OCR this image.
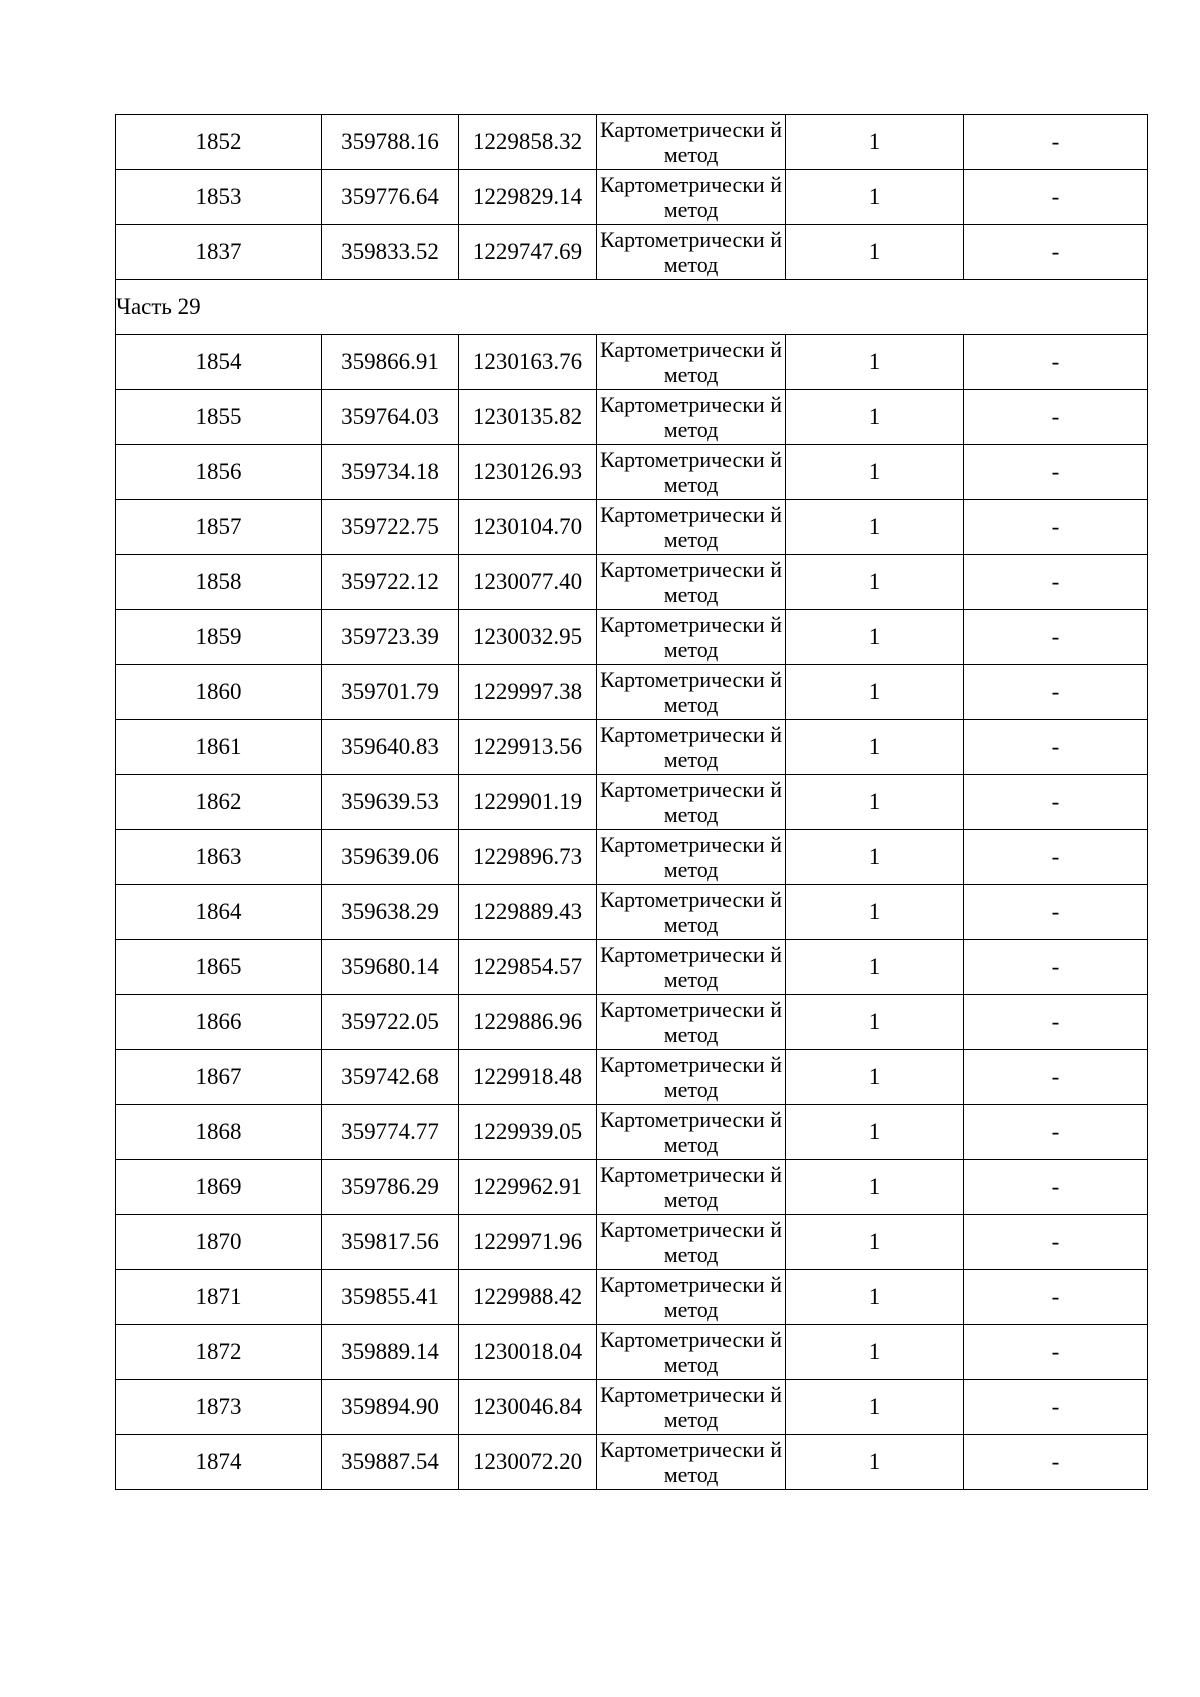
1852	359788.16	1229858.32	Картометрически й метод	1	-
1853	359776.64	1229829.14	Картометрически й метод	1	-
1837	359833.52	1229747.69	Картометрически й метод	1	-
Часть 29					
1854	359866.91	1230163.76	Картометрически й метод	1	-
1855	359764.03	1230135.82	Картометрически й метод	1	-
1856	359734.18	1230126.93	Картометрически й метод	1	-
1857	359722.75	1230104.70	Картометрически й метод	1	-
1858	359722.12	1230077.40	Картометрически й метод	1	-
1859	359723.39	1230032.95	Картометрически й метод	1	-
1860	359701.79	1229997.38	Картометрически й метод	1	-
1861	359640.83	1229913.56	Картометрически й метод	1	-
1862	359639.53	1229901.19	Картометрически й метод	1	-
1863	359639.06	1229896.73	Картометрически й метод	1	-
1864	359638.29	1229889.43	Картометрически й метод	1	-
1865	359680.14	1229854.57	Картометрически й метод	1	-
1866	359722.05	1229886.96	Картометрически й метод	1	-
1867	359742.68	1229918.48	Картометрически й метод	1	-
1868	359774.77	1229939.05	Картометрически й метод	1	-
1869	359786.29	1229962.91	Картометрически й метод	1	-
1870	359817.56	1229971.96	Картометрически й метод	1	-
1871	359855.41	1229988.42	Картометрически й метод	1	-
1872	359889.14	1230018.04	Картометрически й метод	1	-
1873	359894.90	1230046.84	Картометрически й метод	1	-
1874	359887.54	1230072.20	Картометрически й метод	1	-
